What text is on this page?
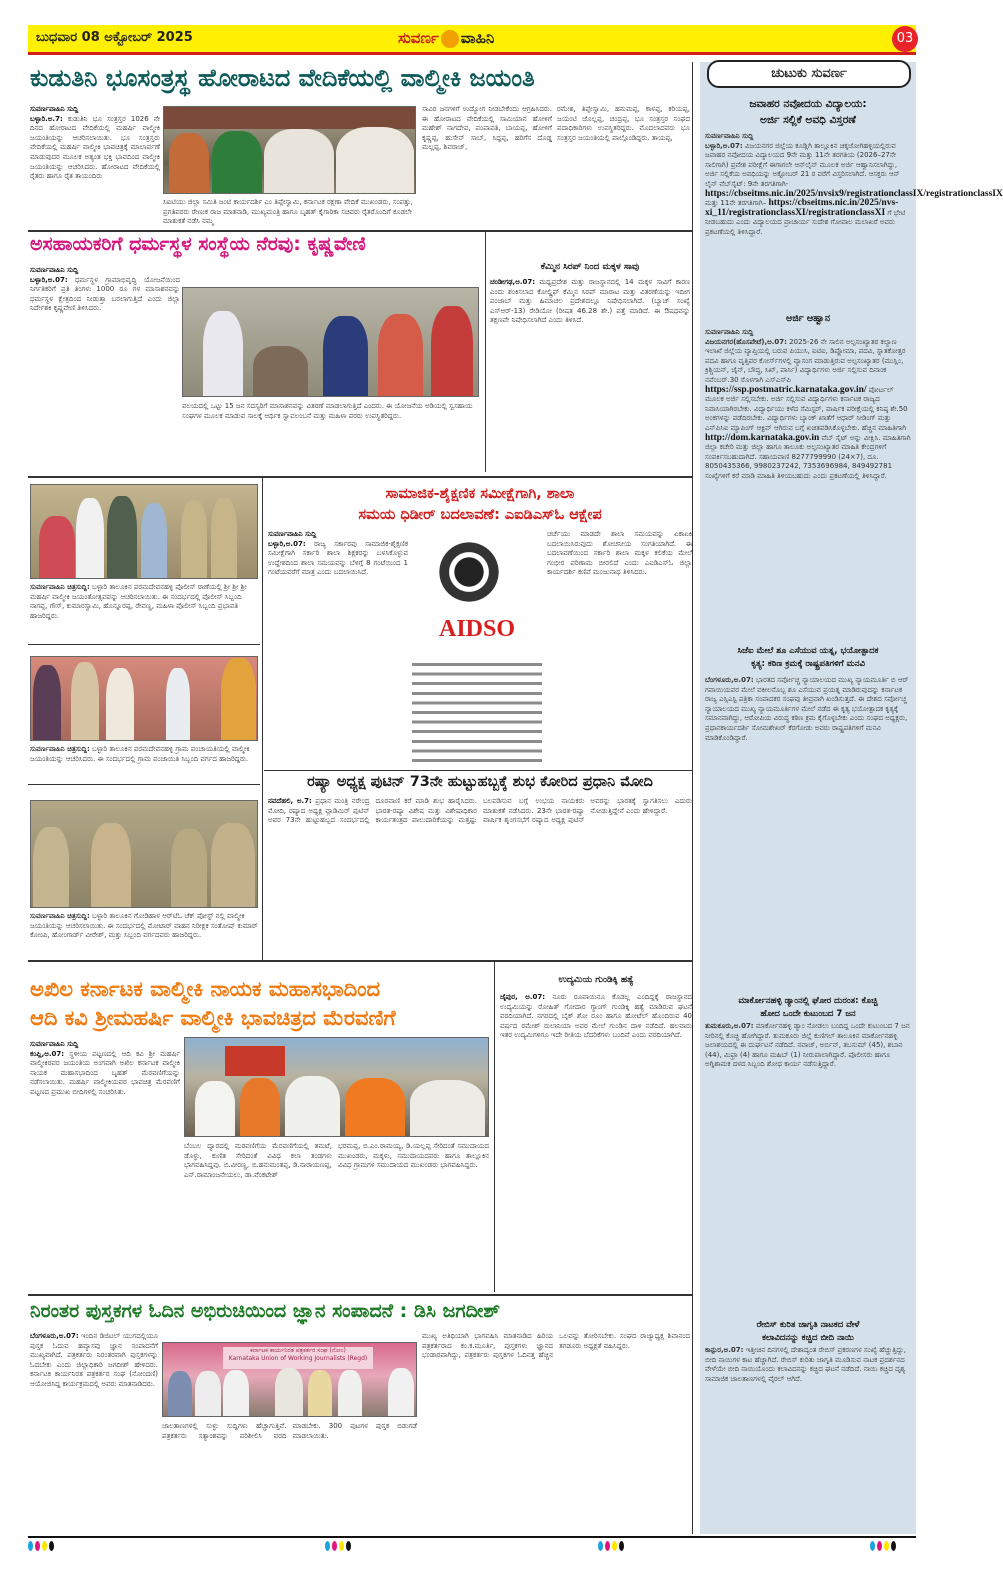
ಬುಧವಾರ 08 ಅಕ್ಟೋಬರ್ 2025	ಸುವರ್ಣ ವಾಹಿನಿ	03
ಕುಡುತಿನಿ ಭೂಸಂತ್ರಸ್ಥ ಹೋರಾಟದ ವೇದಿಕೆಯಲ್ಲಿ ವಾಲ್ಮೀಕಿ ಜಯಂತಿ
ಸುವರ್ಣವಾಹಿನಿ ಸುದ್ದಿ
ಬಳ್ಳಾರಿ.ಅ.7: ಕುಡುತಿನಿ ಭೂ ಸಂತ್ರಸ್ತರ 1026 ನೇ ದಿನದ ಹೋರಾಟದ ವೇದಿಕೆಯಲ್ಲಿ ಮಹರ್ಷಿ ವಾಲ್ಮೀಕಿ ಜಯಂತಿಯನ್ನು ಆಚರಿಸಲಾಯಿತು. ಭೂ ಸಂತ್ರಸ್ತರು ವೇದಿಕೆಯಲ್ಲಿ ಮಹರ್ಷಿ ವಾಲ್ಮೀಕಿ ಭಾವಚಿತ್ರಕ್ಕೆ ಮಾಲಾರ್ಪಣೆ ಮಾಡುವುದರ ಮೂಲಕ ಅತ್ಯಂತ ಭಕ್ತಿ ಭಾವದಿಂದ ವಾಲ್ಮೀಕಿ ಜಯಂತಿಯನ್ನು ಆಚರಿಸಿದರು. ಹೋರಾಟದ ವೇದಿಕೆಯಲ್ಲಿ ರೈತರು ಹಾಗೂ ರೈತ ತಾಯಂದಿರು
ಸಿಐಟಿಯು ಜಿಲ್ಲಾ ಸಮಿತಿ ಜಂಟಿ ಕಾರ್ಯದರ್ಶಿ ಎಂ ತಿಪ್ಪೇಸ್ವಾಮಿ, ಕರ್ನಾಟಕ ರಕ್ಷಣಾ ವೇದಿಕೆ ಮುಖಂಡರು, ಸಂಪತ್ತು, ಪ್ರಗತಿಪರರು ರೇಣುಕ ರಾಜ ಮಾತನಾಡಿ, ಮುಖ್ಯಮಂತ್ರಿ ಹಾಗೂ ಬೃಹತ್ ಕೈಗಾರಿಕಾ ಸಚಿವರು ರೈತರೊಂದಿಗೆ ಕೂಡಲೇ ಮಾತುಕತೆ ನಡೆಸಿ ನಮ್ಮ
ಸಾವಿರ ಜನಗಳಿಗೆ ಉದ್ಯೋಗ ನೀಡಬೇಕೆಂದು ಆಗ್ರಹಿಸಿದರು. ಈ ಹೋರಾಟದ ವೇದಿಕೆಯಲ್ಲಿ ಸಾಮಿಯಾನ ಹೋಳಿಗೆ ಮಹೇಶ್ ನಾಗದೇವ, ಪಂಪಾಪತಿ, ಬಾಯಪ್ಪ, ಹೋಳಿಗೆ ಕೃಷ್ಣಪ್ಪ, ಹುಸೇನ್ ಸಾಬ್, ಸಿದ್ದಪ್ಪ, ಹರಿಗೆಸ ದೊಡ್ಡ ಮಲ್ಲಪ್ಪ, ಶಿವರಾಜ್,
ರಮೇಶ, ತಿಪ್ಪೇಸ್ವಾಮಿ, ಹನುಮಪ್ಪ, ಕಾಳಪ್ಪ, ಕರಿಯಪ್ಪ, ಜಯಂಟಿ ಜೊಲ್ಲಪ್ಪ, ಚಂದ್ರಪ್ಪ, ಭೂ ಸಂತ್ರಸ್ತರ ಸಂಘದ ಪದಾಧಿಕಾರಿಗಳು ಉಪಸ್ಥಿತರಿದ್ದರು. ಮೊದಲಾದವರು ಭೂ ಸಂತ್ರಸ್ತರ ಜಯಂತಿಯಲ್ಲಿ ಪಾಲ್ಗೊಂಡಿದ್ದರು. ತಾಯಪ್ಪ,
ಅಸಹಾಯಕರಿಗೆ ಧರ್ಮಸ್ಥಳ ಸಂಸ್ಥೆಯ ನೆರವು: ಕೃಷ್ಣವೇಣಿ
ಸುವರ್ಣವಾಹಿನಿ ಸುದ್ದಿ
ಬಳ್ಳಾರಿ,ಅ.07: ಧರ್ಮಸ್ಥಳ ಗ್ರಾಮಾಭಿವೃದ್ಧಿ ಯೋಜನೆಯಿಂದ ನಿರ್ಗತಿಕರಿಗೆ ಪ್ರತಿ ತಿಂಗಳು 1000 ರೂ ಗಳ ಮಾಸಾಶನವನ್ನು ಧರ್ಮಸ್ಥಳ ಕ್ಷೇತ್ರದಿಂದ ನೀಡುತ್ತಾ ಬರಲಾಗುತ್ತಿದೆ ಎಂದು ಜಿಲ್ಲಾ ನಿರ್ದೇಶಕಿ ಕೃಷ್ಣವೇಣಿ ತಿಳಿಸಿದರು.
ವಲಯದಲ್ಲಿ ಒಟ್ಟು 15 ಜನ ಸದಸ್ಯರಿಗೆ ಮಾಸಾಶನವನ್ನು ವಿತರಣೆ ಮಾಡಲಾಗುತ್ತಿದೆ ಎಂದರು. ಈ ಯೋಜನೆಯ ಅಡಿಯಲ್ಲಿ ಸ್ವಸಹಾಯ ಸಂಘಗಳ ಮೂಲಕ ಮಾಡುವ ಸಾಲಕ್ಕೆ ಆರ್ಥಿಕ ಸ್ವಾವಲಂಬನೆ ಮತ್ತು ಮಹಿಳಾ ಪರರು ಉಪಸ್ಥಿತರಿದ್ದರು.
ಕೆಮ್ಮಿನ ಸಿರಪ್ ನಿಂದ ಮಕ್ಕಳ ಸಾವು
ಚಂಡೀಗಢ,ಅ.07: ಮಧ್ಯಪ್ರದೇಶ ಮತ್ತು ರಾಜಸ್ಥಾನದಲ್ಲಿ 14 ಮಕ್ಕಳ ಸಾವಿಗೆ ಕಾರಣ ಎಂದು ಶಂಕಿಸಲಾದ ಕೋಲ್ಡ್ರಿಫ್ ಕೆಮ್ಮಿನ ಸಿರಪ್ ಮಾರಾಟ ಮತ್ತು ವಿತರಣೆಯನ್ನು ಇದೀಗ ಪಂಜಾಬ್ ಮತ್ತು ಹಿಮಾಚಲ ಪ್ರದೇಶದಲ್ಲೂ ನಿಷೇಧಿಸಲಾಗಿದೆ. (ಬ್ಯಾಚ್ ಸಂಖ್ಯೆ ಎಸ್ಆರ್-13) ರೇಡಿಯೋ (ರೀಷತ 46.28 ಶೇ.) ಪತ್ತೆ ಮಾಡಿದೆ. ಈ ಔಷಧವನ್ನು ತಕ್ಷಣವೇ ನಿಷೇಧಿಸಲಾಗಿದೆ ಎಂದು ತಿಳಿಸಿದೆ.
ಸುವರ್ಣವಾಹಿನಿ ಚಿತ್ರಸುದ್ದಿ: ಬಳ್ಳಾರಿ ತಾಲೂಕಿನ ಪರಮದೇವನಹಳ್ಳಿ ಪೊಲೀಸ್ ಠಾಣೆಯಲ್ಲಿ ಶ್ರೀ ಶ್ರೀ ಶ್ರೀ ಮಹರ್ಷಿ ವಾಲ್ಮೀಕಿ ಜಯಂತೋತ್ಸವವನ್ನು ಆಚರಿಸಲಾಯಿತು. ಈ ಸಂದರ್ಭದಲ್ಲಿ ಪೊಲೀಸ್ ಸಿಬ್ಬಂದಿ ನಾಗಪ್ಪ, ಗೌಸ್, ಕುಮಾರಸ್ವಾಮಿ, ಹೊನ್ನೂರಪ್ಪ, ರೇವಣ್ಣ, ಮಹಿಳಾ ಪೊಲೀಸ್ ಸಿಬ್ಬಂದಿ ಪ್ರಭಾವತಿ ಹಾಜರಿದ್ದರು.
ಸುವರ್ಣವಾಹಿನಿ ಚಿತ್ರಸುದ್ದಿ: ಬಳ್ಳಾರಿ ತಾಲೂಕಿನ ಪರಮದೇವನಹಳ್ಳಿ ಗ್ರಾಮ ಪಂಚಾಯತಿಯಲ್ಲಿ ವಾಲ್ಮೀಕಿ ಜಯಂತಿಯನ್ನು ಆಚರಿಸಿದರು. ಈ ಸಂದರ್ಭದಲ್ಲಿ ಗ್ರಾಮ ಪಂಚಾಯಿತಿ ಸಿಬ್ಬಂದಿ ವರ್ಗದ ಹಾಜರಿದ್ದರು.
ಸುವರ್ಣವಾಹಿನಿ ಚಿತ್ರಸುದ್ದಿ: ಬಳ್ಳಾರಿ ತಾಲೂಕಿನ ಗೋಡಿಹಾಳ ಆರ್‌ಟಿಓ ಚೆಕ್ ಪೋಸ್ಟ್ ನಲ್ಲಿ ವಾಲ್ಮೀಕಿ ಜಯಂತಿಯನ್ನು ಆಚರಿಸಲಾಯಿತು. ಈ ಸಂದರ್ಭದಲ್ಲಿ ಮೋಟಾರ್ ವಾಹನ ನಿರೀಕ್ಷಕ ಸಂತೋಷ್ ಕುಮಾರ್ ಕೋಂಪಿ, ಹೋಂಗಾರ್ಡ್ ವೀರೇಶ್, ಮತ್ತು ಸಿಬ್ಬಂದಿ ವರ್ಗದವರು ಹಾಜರಿದ್ದರು.
ಸಾಮಾಜಿಕ-ಶೈಕ್ಷಣಿಕ ಸಮೀಕ್ಷೆಗಾಗಿ, ಶಾಲಾ
ಸಮಯ ಧಿಡೀರ್ ಬದಲಾವಣೆ: ಎಐಡಿಎಸ್ಓ ಆಕ್ಷೇಪ
ಸುವರ್ಣವಾಹಿನಿ ಸುದ್ದಿ
ಬಳ್ಳಾರಿ,ಅ.07: ರಾಜ್ಯ ಸರ್ಕಾರವು ಸಾಮಾಜಿಕ-ಶೈಕ್ಷಣಿಕ ಸಮೀಕ್ಷೆಗಾಗಿ ಸರ್ಕಾರಿ ಶಾಲಾ ಶಿಕ್ಷಕರನ್ನು ಬಳಸಿಕೊಳ್ಳುವ ಉದ್ದೇಶದಿಂದ ಶಾಲಾ ಸಮಯವನ್ನು ಬೆಳಿಗ್ಗೆ 8 ಗಂಟೆಯಿಂದ 1 ಗಂಟೆಯವರೆಗೆ ಮಾತ್ರ ಎಂದು ಬದಲಾಯಿಸಿದೆ.
AIDSO
ಚರ್ಚೆಯು ಮಾಡದೇ ಶಾಲಾ ಸಮಯವನ್ನು ಏಕಾಏಕಿ ಬದಲಾಯಿಸಿರುವುದು ಶೋಚನೀಯ ಸಂಗತಿಯಾಗಿದೆ. ಈ ಬದಲಾವಣೆಯಿಂದ ಸರ್ಕಾರಿ ಶಾಲಾ ಮಕ್ಕಳ ಕಲಿಕೆಯ ಮೇಲೆ ಗಂಭೀರ ಪರಿಣಾಮ ಬೀರಲಿದೆ ಎಂದು ಎಐಡಿಎಸ್ಓ ಜಿಲ್ಲಾ ಕಾರ್ಯದರ್ಶಿ ಕಣಿವೆ ಮಂಜುನಾಥ ತಿಳಿಸಿದರು.
ರಷ್ಯಾ ಅಧ್ಯಕ್ಷ ಪುಟಿನ್ 73ನೇ ಹುಟ್ಟುಹಬ್ಬಕ್ಕೆ ಶುಭ ಕೋರಿದ ಪ್ರಧಾನಿ ಮೋದಿ
ನವದೆಹಲಿ, ಅ.7: ಪ್ರಧಾನ ಮಂತ್ರಿ ನರೇಂದ್ರ ಮೋದಿ, ರಷ್ಯಾದ ಅಧ್ಯಕ್ಷ ವ್ಲಾಡಿಮಿರ್ ಪುಟಿನ್ ಅವರ 73ನೇ ಹುಟ್ಟುಹಬ್ಬದ ಸಂದರ್ಭದಲ್ಲಿ ದೂರವಾಣಿ ಕರೆ ಮಾಡಿ ಶುಭ ಹಾರೈಸಿದರು. ಭಾರತ-ರಷ್ಯಾ ವಿಶೇಷ ಮತ್ತು ವಿಶೇಷಾಧಿಕಾರ ಕಾರ್ಯತಂತ್ರದ ಪಾಲುದಾರಿಕೆಯನ್ನು ಮತ್ತಷ್ಟು ಬಲಪಡಿಸುವ ಬಗ್ಗೆ ಉಭಯ ನಾಯಕರು ಮಾತುಕತೆ ನಡೆಸಿದರು. 23ನೇ ಭಾರತ-ರಷ್ಯಾ ವಾರ್ಷಿಕ ಶೃಂಗಸಭೆಗೆ ರಷ್ಯಾದ ಅಧ್ಯಕ್ಷ ಪುಟಿನ್ ಅವರನ್ನು ಭಾರತಕ್ಕೆ ಸ್ವಾಗತಿಸಲು ಎದುರು ನೋಡುತ್ತಿದ್ದೇನೆ ಎಂದು ಹೇಳಿದ್ದಾರೆ.
ಅಖಿಲ ಕರ್ನಾಟಕ ವಾಲ್ಮೀಕಿ ನಾಯಕ ಮಹಾಸಭಾದಿಂದ
ಆದಿ ಕವಿ ಶ್ರೀಮಹರ್ಷಿ ವಾಲ್ಮೀಕಿ ಭಾವಚಿತ್ರದ ಮೆರವಣಿಗೆ
ಸುವರ್ಣವಾಹಿನಿ ಸುದ್ದಿ
ಕಂಪ್ಲಿ,ಅ.07: ಸ್ಥಳೀಯ ಪಟ್ಟಣದಲ್ಲಿ ಆದಿ ಕವಿ ಶ್ರೀ ಮಹರ್ಷಿ ವಾಲ್ಮೀಕಿರವರ ಜಯಂತಿಯ ಅಂಗವಾಗಿ ಅಖಿಲ ಕರ್ನಾಟಕ ವಾಲ್ಮೀಕಿ ನಾಯಕ ಮಹಾಸಭಾದಿಂದ ಬೃಹತ್ ಮೆರವಣಿಗೆಯನ್ನು ನಡೆಸಲಾಯಿತು. ಮಹರ್ಷಿ ವಾಲ್ಮೀಕಿಯವರ ಭಾವಚಿತ್ರ ಮೆರವಣಿಗೆ ಪಟ್ಟಣದ ಪ್ರಮುಖ ಬೀದಿಗಳಲ್ಲಿ ಸಂಚರಿಸಿತು.
ಬೆಂಬಲ ದ್ವಾರದಲ್ಲಿ ಮರವಣಿಗೆಯ ಮೆರವಣಿಗೆಯಲ್ಲಿ ತಮಟೆ, ಡೊಳ್ಳು, ಕುಣಿತ ಸೇರಿದಂತೆ ವಿವಿಧ ಕಲಾ ತಂಡಗಳು ಭಾಗವಹಿಸಿದ್ದವು. ಬಿ.ವೀರಣ್ಣ, ಬಿ.ಹನುಮಂತಪ್ಪ, ಡಿ.ನಾರಾಯಣಪ್ಪ, ಎನ್.ರಾಮಾಂಜನೇಯಲು, ಡಾ.ವೆಂಕಟೇಶ್
ಭರಮಪ್ಪ, ಬಿ.ಎಂ.ರಾಮಯ್ಯ, ಡಿ.ಯಲ್ಲಪ್ಪ ಸೇರಿದಂತೆ ಸಮುದಾಯದ ಮುಖಂಡರು, ಮಕ್ಕಳು, ಸಮುದಾಯದವರು ಹಾಗೂ ತಾಲ್ಲೂಕಿನ ವಿವಿಧ ಗ್ರಾಮಗಳ ಸಮುದಾಯದ ಮುಖಂಡರು ಭಾಗವಹಿಸಿದ್ದರು.
ಉದ್ಯಮಿಯ ಗುಂಡಿಕ್ಕಿ ಹತ್ಯೆ
ಜೈಪುರ, ಅ.07: ನೂರು ರೂಪಾಯಿನೂ ಕೊಡಲ್ಲ ಎಂದಿದ್ದಕ್ಕೆ ರಾಜಸ್ಥಾನದ ಉದ್ಯಮಿಯನ್ನು ರೋಹಿತ್ ಗೋದಾರ ಗ್ಯಾಂಗ್ ಗುಂಡಿಕ್ಕಿ ಹತ್ಯೆ ಮಾಡಿರುವ ಘಟನೆ ವರದಿಯಾಗಿದೆ. ನಗರದಲ್ಲಿ ಬೈಕ್ ಶೋ ರೂಂ ಹಾಗೂ ಹೋಟೆಲ್ ಹೊಂದಿರುವ 40 ವರ್ಷದ ರಮೇಶ್ ರುಲಾನಿಯಾ ಅವರ ಮೇಲೆ ಗುಂಡಿನ ದಾಳಿ ನಡೆದಿದೆ. ಹಲವಾರು ಇತರ ಉದ್ಯಮಿಗಳಿಗೂ ಇದೇ ರೀತಿಯ ಬೆದರಿಕೆಗಳು ಬಂದಿವೆ ಎಂದು ವರದಿಯಾಗಿದೆ.
ನಿರಂತರ ಪುಸ್ತಕಗಳ ಓದಿನ ಅಭಿರುಚಿಯಿಂದ ಜ್ಞಾನ ಸಂಪಾದನೆ : ಡಿಸಿ ಜಗದೀಶ್
ಬೆಂಗಳೂರು,ಅ.07: ಇಂದಿನ ಡಿಜಿಟಲ್ ಯುಗದಲ್ಲಿಯೂ ಪುಸ್ತಕ ಓದುವ ಹವ್ಯಾಸವು ಜ್ಞಾನ ಸಂಪಾದನೆಗೆ ಮುಖ್ಯವಾಗಿದೆ. ಪತ್ರಕರ್ತರು ನಿರಂತರವಾಗಿ ಪುಸ್ತಕಗಳನ್ನು ಓದಬೇಕು ಎಂದು ಜಿಲ್ಲಾಧಿಕಾರಿ ಜಗದೀಶ್ ಹೇಳಿದರು. ಕರ್ನಾಟಕ ಕಾರ್ಯನಿರತ ಪತ್ರಕರ್ತರ ಸಂಘ (ನೋಂದಣಿ) ಆಯೋಜಿಸಿದ್ದ ಕಾರ್ಯಕ್ರಮದಲ್ಲಿ ಅವರು ಮಾತನಾಡಿದರು.
ಕರ್ನಾಟಕ ಕಾರ್ಯನಿರತ ಪತ್ರಕರ್ತರ ಸಂಘ (ನೋಂ)
Karnataka Union of Working Journalists (Regd)
ಜಾಲತಾಣಗಳಲ್ಲಿ ಸುಳ್ಳು ಸುದ್ದಿಗಳು ಹೆಚ್ಚಾಗುತ್ತಿವೆ. ಪತ್ರಕರ್ತರು ಸತ್ಯಾಂಶವನ್ನು ಪರಿಶೀಲಿಸಿ ವರದಿ ಮಾಡಬೇಕು. 300 ಪುಟಗಳ ಪುಸ್ತಕ ಬಿಡುಗಡೆ ಮಾಡಲಾಯಿತು.
ಮುಖ್ಯ ಅತಿಥಿಯಾಗಿ ಭಾಗವಹಿಸಿ ಮಾತನಾಡಿದ ಹಿರಿಯ ಪತ್ರಕರ್ತರಾದ ಕಂ.ಕ.ಮೂರ್ತಿ, ಪುಸ್ತಕಗಳು ಜ್ಞಾನದ ಭಂಡಾರವಾಗಿದ್ದು, ಪತ್ರಕರ್ತರು ಪುಸ್ತಕಗಳ ಓದಿನತ್ತ ಹೆಚ್ಚಿನ ಒಲವನ್ನು ತೋರಿಸಬೇಕು. ಸಂಘದ ರಾಜ್ಯಾಧ್ಯಕ್ಷ ಶಿವಾನಂದ ತಗಡೂರು ಅಧ್ಯಕ್ಷತೆ ವಹಿಸಿದ್ದರು.
ಚುಟುಕು ಸುವರ್ಣ
ಜವಾಹರ ನವೋದಯ ವಿದ್ಯಾಲಯ:
ಅರ್ಜಿ ಸಲ್ಲಿಕೆ ಅವಧಿ ವಿಸ್ತರಣೆ
ಸುವರ್ಣವಾಹಿನಿ ಸುದ್ದಿ
ಬಳ್ಳಾರಿ,ಅ.07: ವಿಜಯನಗರ ಜಿಲ್ಲೆಯ ಕೂಡ್ಲಿಗಿ ತಾಲ್ಲೂಕಿನ ಚಿಕ್ಕಜೋಗಿಹಳ್ಳಿಯಲ್ಲಿರುವ ಜವಾಹರ ನವೋದಯ ವಿದ್ಯಾಲಯದ 9ನೇ ಮತ್ತು 11ನೇ ತರಗತಿಯ (2026–27ನೇ ಸಾಲಿಗಾಗಿ) ಪ್ರವೇಶ ಪರೀಕ್ಷೆಗೆ ಈಗಾಗಲೇ ಆನ್‌ಲೈನ್ ಮೂಲಕ ಅರ್ಜಿ ಆಹ್ವಾನಿಸಲಾಗಿದ್ದು, ಅರ್ಜಿ ಸಲ್ಲಿಕೆಯ ಅವಧಿಯನ್ನು ಅಕ್ಟೋಬರ್ 21 ರ ವರೆಗೆ ವಿಸ್ತರಿಸಲಾಗಿದೆ. ಆಸಕ್ತರು ಆನ್ ಲೈನ್ ವೆಬ್‌ಸೈಟ್: 9ನೇ ತರಗತಿಗಾಗಿ- https://cbseitms.nic.in/2025/nvsix9/registrationclassIX/registrationclassIX ಮತ್ತು 11ನೇ ತರಗತಿಗಾಗಿ– https://cbseitms.nic.in/2025/nvs-xi_11/registrationclassXI/registrationclassXI ಗೆ ಭೇಟಿ ನೀಡಬಹುದು ಎಂದು ವಿದ್ಯಾಲಯದ ಪ್ರಾಚಾರ್ಯ ಸುದೇಶ ಗೋಪಾಲ ಮಲಾಖರೆ ಅವರು ಪ್ರಕಟಣೆಯಲ್ಲಿ ತಿಳಿಸಿದ್ದಾರೆ.
ಅರ್ಜಿ ಆಹ್ವಾನ
ಸುವರ್ಣವಾಹಿನಿ ಸುದ್ದಿ
ವಿಜಯನಗರ(ಹೊಸಪೇಟೆ),ಅ.07: 2025-26 ನೇ ಸಾಲಿನ ಅಲ್ಪಸಂಖ್ಯಾತರ ಕಲ್ಯಾಣ ಇಲಾಖೆ ಜಿಲ್ಲೆಯ ವ್ಯಾಪ್ತಿಯಲ್ಲಿ ಬರುವ ಪಿಯುಸಿ, ಐಟಿಐ, ಡಿಪ್ಲೋಮಾ, ಪದವಿ, ಸ್ನಾತಕೋತ್ತರ ಪದವಿ ಹಾಗೂ ವೃತ್ತಿಪರ ಕೋರ್ಸ್‌ಗಳಲ್ಲಿ ವ್ಯಾಸಂಗ ಮಾಡುತ್ತಿರುವ ಅಲ್ಪಸಂಖ್ಯಾತರ (ಮುಸ್ಲಿಂ, ಕ್ರಿಶ್ಚಿಯನ್, ಜೈನ್, ಬೌದ್ಧ, ಸಿಖ್, ಪಾರ್ಸಿ) ವಿದ್ಯಾರ್ಥಿಗಳು ಅರ್ಜಿ ಸಲ್ಲಿಸುವ ದಿನಾಂಕ ನವೆಂಬರ್.30 ರೊಳಗಾಗಿ ಎಸ್ಎಸ್‌ಪಿ https://ssp.postmatric.karnataka.gov.in/ ಪೋರ್ಟಲ್ ಮೂಲಕ ಅರ್ಜಿ ಸಲ್ಲಿಸಬೇಕು. ಅರ್ಜಿ ಸಲ್ಲಿಸುವ ವಿದ್ಯಾರ್ಥಿಗಳು ಕರ್ನಾಟಕ ರಾಜ್ಯದ ನಿವಾಸಿಯಾಗಿರಬೇಕು. ವಿದ್ಯಾರ್ಥಿಯು ಕಳೆದ ಸೆಮಿಸ್ಟರ್, ವಾರ್ಷಿಕ ಪರೀಕ್ಷೆಯಲ್ಲಿ ಕನಿಷ್ಠ ಶೇ.50 ಅಂಕಗಳನ್ನು ಪಡೆದಿರಬೇಕು. ವಿದ್ಯಾರ್ಥಿಗಳು ಬ್ಯಾಂಕ್ ಖಾತೆಗೆ ಆಧಾರ್ ಸೀಡಿಂಗ್ ಮತ್ತು ಎನ್‌ಪಿಸಿಐ ಮ್ಯಾಪಿಂಗ್ ಆಕ್ಟಿವ್ ಆಗಿರುವ ಬಗ್ಗೆ ಖಚಿತಪಡಿಸಿಕೊಳ್ಳಬೇಕು. ಹೆಚ್ಚಿನ ಮಾಹಿತಿಗಾಗಿ http://dom.karnataka.gov.in ವೆಬ್ ಸೈಟ್ ಅನ್ನು ವೀಕ್ಷಿಸಿ. ಮಾಹಿತಿಗಾಗಿ ಜಿಲ್ಲಾ ಕಚೇರಿ ಮತ್ತು ಜಿಲ್ಲಾ ಹಾಗೂ ತಾಲೂಕು ಅಲ್ಪಸಂಖ್ಯಾತರ ಮಾಹಿತಿ ಕೇಂದ್ರಗಳಿಗೆ ಸಂಪರ್ಕಿಸಬಹುದಾಗಿದೆ. ಸಹಾಯವಾಣಿ 8277799990 (24×7), ದೂ. 8050435366, 9980237242, 7353696984, 849492781 ಸಂಖ್ಯೆಗಳಿಗೆ ಕರೆ ಮಾಡಿ ಮಾಹಿತಿ ತಿಳಿಯಬಹುದು ಎಂದು ಪ್ರಕಟಣೆಯಲ್ಲಿ ತಿಳಿಸಿದ್ದಾರೆ.
ಸಿಜೆಐ ಮೇಲೆ ಶೂ ಎಸೆಯುವ ಯತ್ನ, ಭಯೋತ್ಪಾದಕ
ಕೃತ್ಯ: ಕಠಿಣ ಕ್ರಮಕ್ಕೆ ರಾಷ್ಟ್ರಪತಿಗಳಿಗೆ ಮನವಿ
ಬೆಂಗಳೂರು,ಅ.07: ಭಾರತದ ಸರ್ವೋಚ್ಚ ನ್ಯಾಯಾಲಯದ ಮುಖ್ಯ ನ್ಯಾಯಮೂರ್ತಿ ಬಿ ಆರ್ ಗವಾಯಿಯವರ ಮೇಲೆ ವಕೀಲನೊಬ್ಬ ಶೂ ಎಸೆಯುವ ಪ್ರಯತ್ನ ಮಾಡಿರುವುದನ್ನು ಕರ್ನಾಟಕ ರಾಜ್ಯ ಎಸ್ಸಿಎಸ್ಟಿ ಪತ್ರಿಕಾ ಸಂಪಾದಕರ ಸಂಘವು ತೀವ್ರವಾಗಿ ಖಂಡಿಸುತ್ತದೆ. ಈ ದೇಶದ ಸರ್ವೋಚ್ಚ ನ್ಯಾಯಾಲಯದ ಮುಖ್ಯ ನ್ಯಾಯಮೂರ್ತಿಗಳ ಮೇಲೆ ನಡೆದ ಈ ಕೃತ್ಯ ಭಯೋತ್ಪಾದಕ ಕೃತ್ಯಕ್ಕೆ ಸಮಾನವಾಗಿದ್ದು, ಆರೋಪಿಯ ವಿರುದ್ಧ ಕಠಿಣ ಕ್ರಮ ಕೈಗೊಳ್ಳಬೇಕು ಎಂದು ಸಂಘದ ಅಧ್ಯಕ್ಷರು, ಪ್ರಧಾನಕಾರ್ಯದರ್ಶಿ ಸೋಮಶೇಖರ್ ಕೆರಗೋಡು ಅವರು ರಾಷ್ಟ್ರಪತಿಗಳಿಗೆ ಮನವಿ ಮಾಡಿಕೊಂಡಿದ್ದಾರೆ.
ಮಾರ್ಕೋನಹಳ್ಳಿ ಡ್ಯಾಂನಲ್ಲಿ ಘೋರ ದುರಂತ: ಕೊಚ್ಚಿ
ಹೋದ ಒಂದೇ ಕುಟುಂಬದ 7 ಜನ
ತುಮಕೂರು,ಅ.07: ಮಾರ್ಕೋನಹಳ್ಳಿ ಡ್ಯಾಂ ನೋಡಲು ಬಂದಿದ್ದ ಒಂದೇ ಕುಟುಂಬದ 7 ಜನ ನೀರಿನಲ್ಲಿ ಕೊಚ್ಚಿ ಹೋಗಿದ್ದಾರೆ. ತುಮಕೂರು ಜಿಲ್ಲೆ ಕುಣಿಗಲ್ ತಾಲೂಕಿನ ಮಾರ್ಕೋನಹಳ್ಳಿ ಜಲಾಶಯದಲ್ಲಿ ಈ ದುರ್ಘಟನೆ ನಡೆದಿದೆ. ನವಾಜ್, ಅರ್ಬಿನ್, ತಬಸುಮ್ (45), ಶಬಾನ (44), ಮಿಫ್ರಾ (4) ಹಾಗೂ ಮಹಿಬ್ (1) ನೀರುಪಾಲಾಗಿದ್ದಾರೆ. ಪೊಲೀಸರು ಹಾಗೂ ಅಗ್ನಿಶಾಮಕ ದಳದ ಸಿಬ್ಬಂದಿ ಶೋಧ ಕಾರ್ಯ ನಡೆಸುತ್ತಿದ್ದಾರೆ.
ರೇಬಿಸ್ ಕುರಿತ ಜಾಗೃತಿ ನಾಟಕದ ವೇಳೆ
ಕಲಾವಿದನನ್ನು ಕಚ್ಚಿದ ಬೀದಿ ನಾಯಿ
ಕಾನ್ಪುರ,ಅ.07: ಇತ್ತೀಚಿನ ದಿನಗಳಲ್ಲಿ ದೇಶಾದ್ಯಂತ ರೇಬಿಸ್ ಪ್ರಕರಣಗಳ ಸಂಖ್ಯೆ ಹೆಚ್ಚುತ್ತಿದ್ದು, ಬೀದಿ ನಾಯಿಗಳ ಕಾಟ ಹೆಚ್ಚಾಗಿದೆ. ರೇಬಿಸ್ ಕುರಿತು ಜಾಗೃತಿ ಮೂಡಿಸುವ ನಾಟಕ ಪ್ರದರ್ಶನದ ವೇಳೆಯೇ ಬೀದಿ ನಾಯಿಯೊಂದು ಕಲಾವಿದನನ್ನು ಕಚ್ಚಿದ ಘಟನೆ ನಡೆದಿದೆ. ನಾಯಿ ಕಚ್ಚಿದ ದೃಶ್ಯ ಸಾಮಾಜಿಕ ಜಾಲತಾಣಗಳಲ್ಲಿ ವೈರಲ್ ಆಗಿದೆ.
